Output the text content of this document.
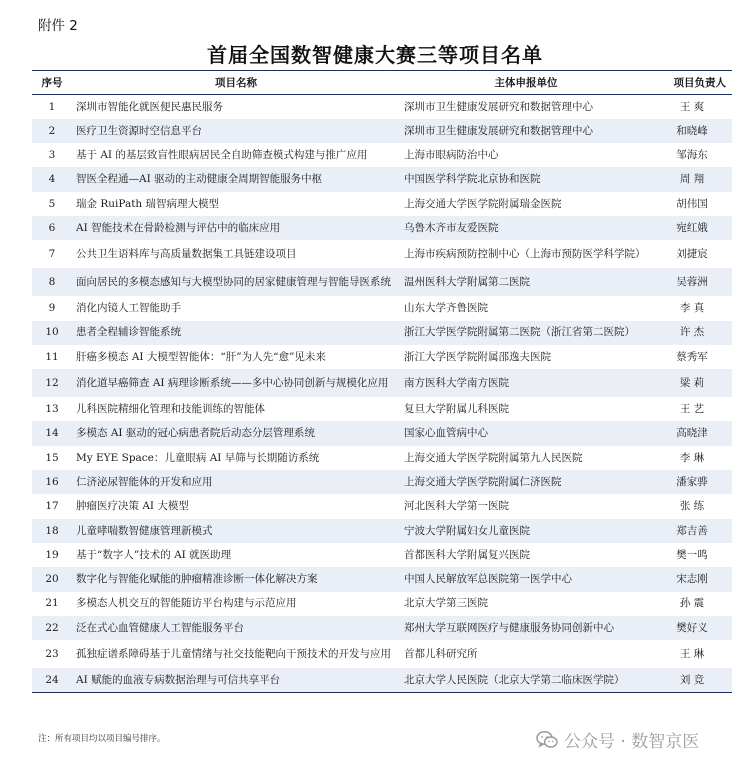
附件 2
首届全国数智健康大赛三等项目名单
序号	项目名称	主体申报单位	项目负责人
1	深圳市智能化就医便民惠民服务	深圳市卫生健康发展研究和数据管理中心	王 爽
2	医疗卫生资源时空信息平台	深圳市卫生健康发展研究和数据管理中心	和晓峰
3	基于 AI 的基层致盲性眼病居民全自助筛查模式构建与推广应用	上海市眼病防治中心	邹海东
4	智医全程通—AI 驱动的主动健康全周期智能服务中枢	中国医学科学院北京协和医院	周 翔
5	瑞金 RuiPath 瑞智病理大模型	上海交通大学医学院附属瑞金医院	胡伟国
6	AI 智能技术在骨龄检测与评估中的临床应用	乌鲁木齐市友爱医院	宛红娥
7	公共卫生语料库与高质量数据集工具链建设项目	上海市疾病预防控制中心（上海市预防医学科学院）	刘捷宸
8	面向居民的多模态感知与大模型协同的居家健康管理与智能导医系统	温州医科大学附属第二医院	吴蓉洲
9	消化内镜人工智能助手	山东大学齐鲁医院	李 真
10	患者全程辅诊智能系统	浙江大学医学院附属第二医院（浙江省第二医院）	许 杰
11	肝癌多模态 AI 大模型智能体：“肝”为人先“愈”见未来	浙江大学医学院附属邵逸夫医院	蔡秀军
12	消化道早癌筛查 AI 病理诊断系统——多中心协同创新与规模化应用	南方医科大学南方医院	梁 莉
13	儿科医院精细化管理和技能训练的智能体	复旦大学附属儿科医院	王 艺
14	多模态 AI 驱动的冠心病患者院后动态分层管理系统	国家心血管病中心	高晓津
15	My EYE Space：儿童眼病 AI 早筛与长期随访系统	上海交通大学医学院附属第九人民医院	李 琳
16	仁济泌尿智能体的开发和应用	上海交通大学医学院附属仁济医院	潘家骅
17	肿瘤医疗决策 AI 大模型	河北医科大学第一医院	张 练
18	儿童哮喘数智健康管理新模式	宁波大学附属妇女儿童医院	郑吉善
19	基于“数字人”技术的 AI 就医助理	首都医科大学附属复兴医院	樊一鸣
20	数字化与智能化赋能的肿瘤精准诊断一体化解决方案	中国人民解放军总医院第一医学中心	宋志刚
21	多模态人机交互的智能随访平台构建与示范应用	北京大学第三医院	孙 震
22	泛在式心血管健康人工智能服务平台	郑州大学互联网医疗与健康服务协同创新中心	樊好义
23	孤独症谱系障碍基于儿童情绪与社交技能靶向干预技术的开发与应用	首都儿科研究所	王 琳
24	AI 赋能的血液专病数据治理与可信共享平台	北京大学人民医院（北京大学第二临床医学院）	刘 竞
注：所有项目均以项目编号排序。	公众号 · 数智京医
